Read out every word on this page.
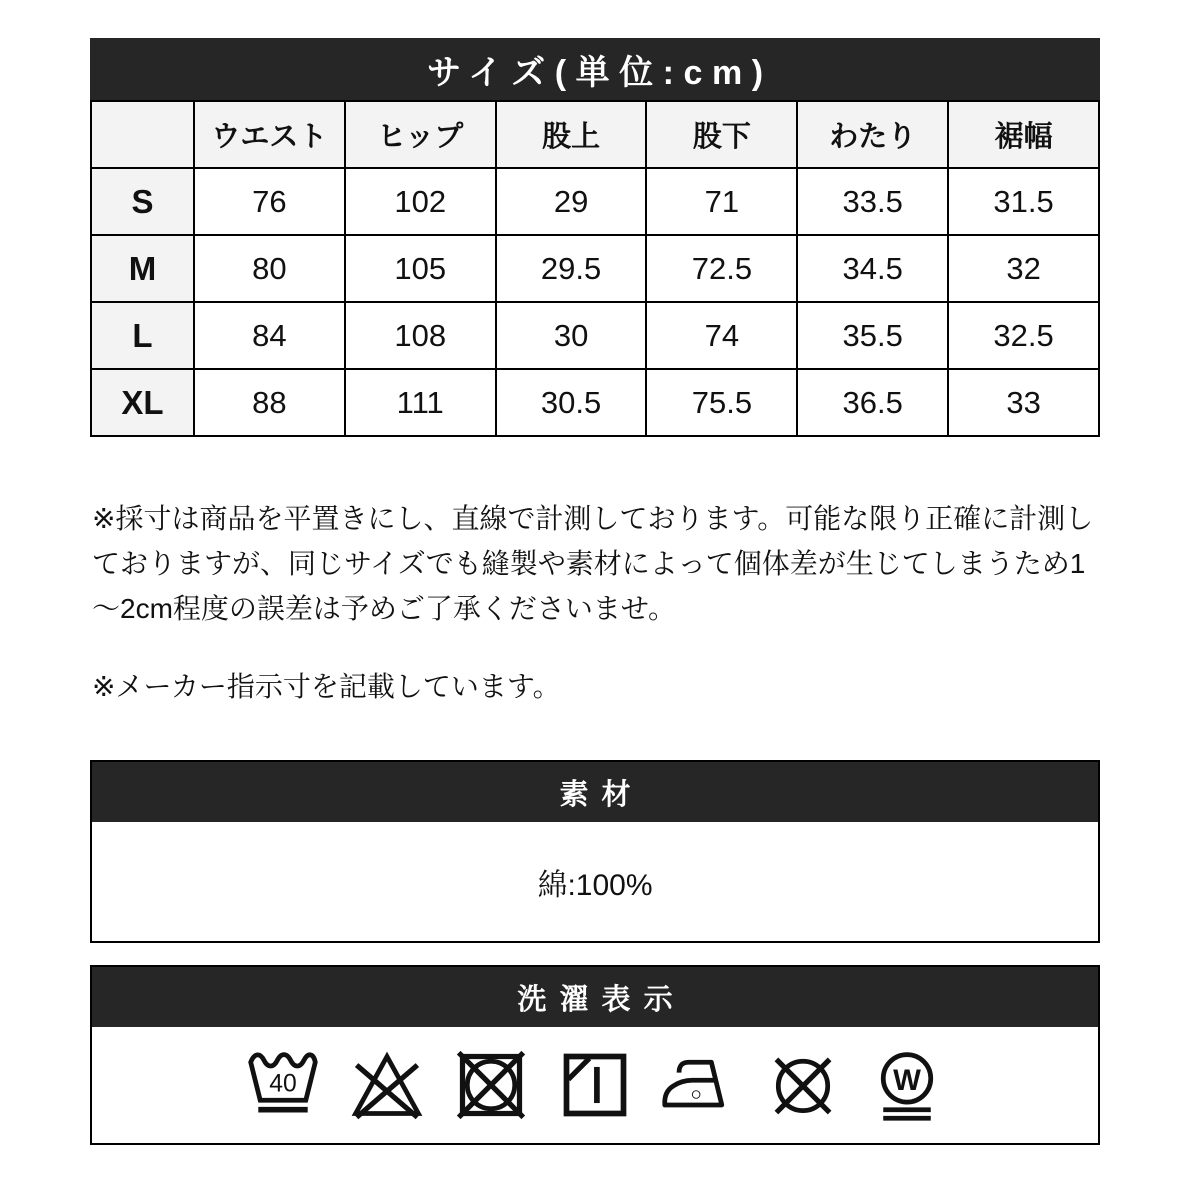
サイズ(単位:cm)
	ウエスト	ヒップ	股上	股下	わたり	裾幅
S	76	102	29	71	33.5	31.5
M	80	105	29.5	72.5	34.5	32
L	84	108	30	74	35.5	32.5
XL	88	111	30.5	75.5	36.5	33

※採寸は商品を平置きにし、直線で計測しております。可能な限り正確に計測しておりますが、同じサイズでも縫製や素材によって個体差が生じてしまうため1～2cm程度の誤差は予めご了承くださいませ。

※メーカー指示寸を記載しています。

素材
綿:100%
洗濯表示
40	W
